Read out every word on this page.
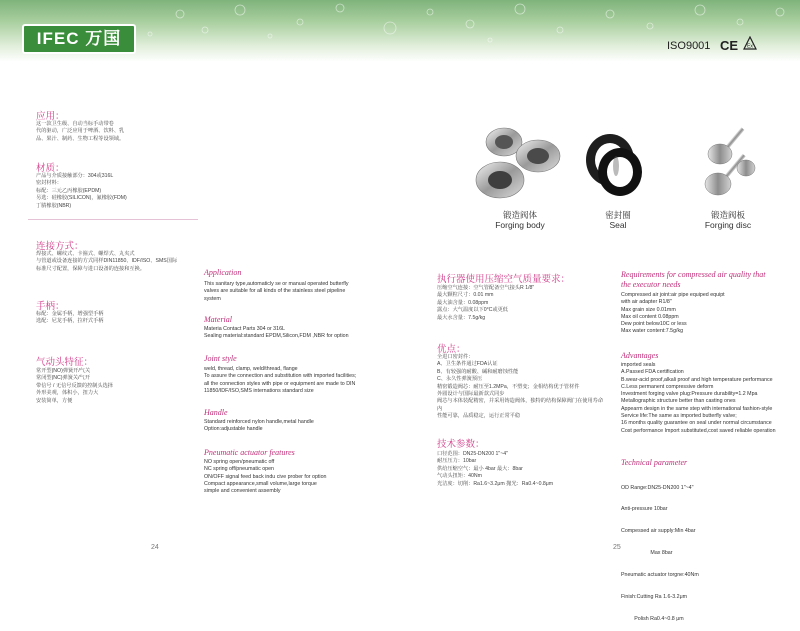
IFEC 万国	ISO9001 CE Ex
应用：
这一款卫生级、自动当标手动带卷
代的驱动，广泛应用于啤酒、饮料、乳
品、果汁、制药、生物工程等设领域。
材质：
产品与介质接触部分：304或316L
密封材料：
标配：三元乙丙橡胶(EPDM)
另选：硅橡胶(SILICON)，氟橡胶(FDM)
丁腈橡胶(NBR)
连接方式：
焊接式、螺纹式、卡箍式、螺焊式、丸夹式
与管道或设备连接的方式同样DIN11850、IDF/ISO、SMS国际
标准尺寸配置，保障与进口设备的连接和互换。
手柄：
标配：金属手柄，增强型手柄
选配：尼龙手柄，拉杆式手柄
气动头特征：
常开型(NO)弹簧开/气关
常闭型(NC)弹簧关/气开
带信号 / 无信号反馈的控制头选择
外形美观，体积小，扭力大
安装简单，方便
Application
This sanitary type,automaticly se or manual operated butterfly
valves are suitable for all kinds of the stainless steel pipeline
system
Material
Materia Contact Parts 304 or 316L
Sealing material:standard EPDM,Silicon,FDM ,NBR for option
Joint style
weld, thread, clamp, weld/thread, flange
To assure the connection and substitution with imported facilities;
all the connection styles with pipe or equipment are made to DIN
11850/IDF/ISO,SMS internations standard size
Handle
Standard reinforced nylon handle,metal handle
Option:adjustable handle
Pneumatic actuator features
NO spring open/pneumatic off
NC spring off/pneumatic open
ON/OFF signal feed back indu cive prober for option
Compact appearance,small volume,large torque
simple and convenient assembly
锻造阀体
Forging body
密封圈
Seal
锻造阀板
Forging disc
执行器使用压缩空气质量要求：
压缩空气连接：空气管配备空气接头R 1/8"
最大颗粒尺寸：0.01 mm
最大油含量：0.08ppm
露点：大气温度以下0°C或更低
最大水含量：7.5g/kg
优点：
全进口密封件：
A、卫生条件通过FDA认证
B、有较强的耐酸、碱和耐磨蚀性能
C、永久性弹簧预压
精密锻造阀芯：耐压至1.2MPa，不塑变；金相结构优于管材件
外圆设计与国际最新款式同步
阀芯与本体装配精密，并采用铸造阀体，独特的结构保障阀门在使用寿命内
性能可靠，品质稳定，运行正常平稳
技术参数：
口径范围：DN25-DN200 1"~4"
耐压压力：10bar
供给压缩空气：最小 4bar 最大：8bar
气动头扭矩：40Nm
光洁度：切削：Ra1.6~3.2μm 抛光：Ra0.4~0.8μm
Requirements for compressed air quality that the executor needs
Compressed air joint:air pipe equiped equipt
with air adapter R1/8"
Max grain size 0.01mm
Max oil content 0.08ppm
Dew point below10C or less
Max water content:7.5g/kg
Advantages
imported seals
A.Passed FDA certification
B.wear-acid proof,alkali proof and high temperature performance
C.Less permanent compressive deform
Investment forging valve plug:Pressure durability=1.2 Mpa
Metallographic structure better than casting ones
Appearm design in the same step with international fashion-style
Service life:The same as imported butterfly valve;
16 months quality guarantee on seal under normal circumstance
Cost performance Import substituted,cost saved reliable operation
Technical parameter

OD Range:DN25-DN200 1"~4"

Anti-pressure 10bar

Compessed air supply:Min 4bar

Max 8bar

Pneumatic actuator torgne:40Nm

Finish:Cutting Ra 1.6-3.2μm

Polish Ra0.4~0.8 μm

24	25
